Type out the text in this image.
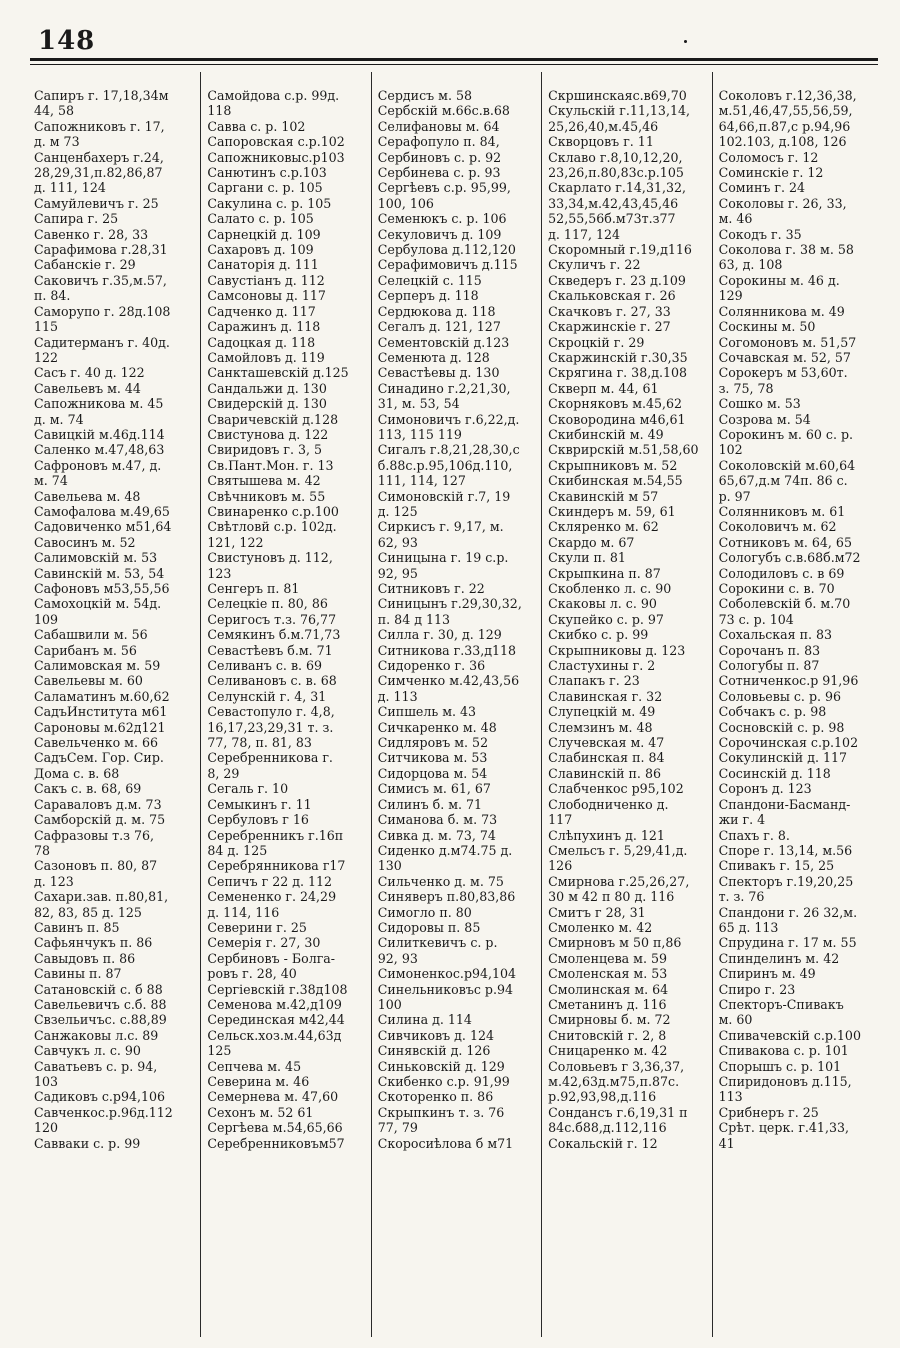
148
Сапиръ г. 17,18,34м
44, 58
Сапожниковъ г. 17,
д. м 73
Санценбахеръ г.24,
28,29,31,п.82,86,87
д. 111, 124
Самуйлевичъ г. 25
Сапира г. 25
Савенко г. 28, 33
Сарафимова г.28,31
Сабанскіе г. 29
Саковичъ г.35,м.57,
п. 84.
Саморупо г. 28д.108
115
Садитерманъ г. 40д.
122
Сасъ г. 40 д. 122
Савельевъ м. 44
Сапожникова м. 45
д. м. 74
Савицкій м.46д.114
Саленко м.47,48,63
Сафроновъ м.47, д.
м. 74
Савельева м. 48
Самофалова м.49,65
Садовиченко м51,64
Савосинъ м. 52
Салимовскій м. 53
Савинскій м. 53, 54
Сафоновъ м53,55,56
Самохоцкій м. 54д.
109
Сабашвили м. 56
Сарибанъ м. 56
Салимовская м. 59
Савельевы м. 60
Саламатинъ м.60,62
СадъИнститута м61
Сароновы м.62д121
Савельченко м. 66
СадъСем. Гор. Сир.
Дома с. в. 68
Сакъ с. в. 68, 69
Сараваловъ д.м. 73
Самборскій д. м. 75
Сафразовы т.з 76,
78
Сазоновъ п. 80, 87
д. 123
Сахари.зав. п.80,81,
82, 83, 85 д. 125
Савинъ п. 85
Сафьянчукъ п. 86
Савыдовъ п. 86
Савины п. 87
Сатановскій с. б 88
Савельевичъ с.б. 88
Свзельичъс. с.88,89
Санжаковы л.с. 89
Савчукъ л. с. 90
Саватьевъ с. р. 94,
103
Садиковъ с.р94,106
Савченкос.р.96д.112
120
Савваки с. р. 99
Самойдова с.р. 99д.
118
Савва с. р. 102
Сапоровская с.р.102
Сапожниковыс.р103
Санютинъ с.р.103
Саргани с. р. 105
Сакулина с. р. 105
Салато с. р. 105
Сарнецкій д. 109
Сахаровъ д. 109
Санаторія д. 111
Савустіанъ д. 112
Самсоновы д. 117
Садченко д. 117
Саражинъ д. 118
Садоцкая д. 118
Самойловъ д. 119
Санкташевскій д.125
Сандальжи д. 130
Свидерскій д. 130
Сваричевскій д.128
Свистунова д. 122
Свиридовъ г. 3, 5
Св.Пант.Мон. г. 13
Святышева м. 42
Свѣчниковъ м. 55
Свинаренко с.р.100
Свѣтловй с.р. 102д.
121, 122
Свистуновъ д. 112,
123
Сенгеръ п. 81
Селецкіе п. 80, 86
Серигосъ т.з. 76,77
Семякинъ б.м.71,73
Севастѣевъ б.м. 71
Селиванъ с. в. 69
Селивановъ с. в. 68
Селунскій г. 4, 31
Севастопуло г. 4,8,
16,17,23,29,31 т. з.
77, 78, п. 81, 83
Серебренникова г.
8, 29
Сегаль г. 10
Семыкинъ г. 11
Сербуловъ г 16
Серебренникъ г.16п
84 д. 125
Серебрянникова г17
Сепичъ г 22 д. 112
Семененко г. 24,29
д. 114, 116
Северини г. 25
Семерія г. 27, 30
Сербиновъ - Болга-
ровъ г. 28, 40
Сергіевскій г.38д108
Семенова м.42,д109
Серединская м42,44
Сельск.хоз.м.44,63д
125
Сепчева м. 45
Северина м. 46
Семернева м. 47,60
Сехонъ м. 52 61
Сергѣева м.54,65,66
Серебренниковъм57
Сердисъ м. 58
Сербскій м.66с.в.68
Селифановы м. 64
Серафопуло п. 84,
Сербиновъ с. р. 92
Сербинева с. р. 93
Сергѣевъ с.р. 95,99,
100, 106
Семенюкъ с. р. 106
Секуловичъ д. 109
Сербулова д.112,120
Серафимовичъ д.115
Селецкій с. 115
Серперъ д. 118
Сердюкова д. 118
Сегалъ д. 121, 127
Сементовскій д.123
Семенюта д. 128
Севастѣевы д. 130
Синадино г.2,21,30,
31, м. 53, 54
Симоновичъ г.6,22,д.
113, 115 119
Сигалъ г.8,21,28,30,с
б.88с.р.95,106д.110,
111, 114, 127
Симоновскій г.7, 19
д. 125
Сиркисъ г. 9,17, м.
62, 93
Синицына г. 19 с.р.
92, 95
Ситниковъ г. 22
Синицынъ г.29,30,32,
п. 84 д 113
Силла г. 30, д. 129
Ситникова г.33,д118
Сидоренко г. 36
Симченко м.42,43,56
д. 113
Сипшель м. 43
Сичкаренко м. 48
Сидляровъ м. 52
Ситчикова м. 53
Сидорцова м. 54
Симисъ м. 61, 67
Силинъ б. м. 71
Симанова б. м. 73
Сивка д. м. 73, 74
Сиденко д.м74.75 д.
130
Сильченко д. м. 75
Синяверъ п.80,83,86
Симогло п. 80
Сидоровы п. 85
Силиткевичъ с. р.
92, 93
Симоненкос.р94,104
Синельниковъс р.94
100
Силина д. 114
Сивчиковъ д. 124
Синявскій д. 126
Синьковскій д. 129
Скибенко с.р. 91,99
Скоторенко п. 86
Скрыпкинъ т. з. 76
77, 79
Скоросиѣлова б м71
Скршинскаяс.в69,70
Скульскій г.11,13,14,
25,26,40,м.45,46
Скворцовъ г. 11
Склаво г.8,10,12,20,
23,26,п.80,83с.р.105
Скарлато г.14,31,32,
33,34,м.42,43,45,46
52,55,56б.м73т.з77
д. 117, 124
Скоромный г.19,д116
Скуличъ г. 22
Скведеръ г. 23 д.109
Скальковская г. 26
Скачковъ г. 27, 33
Скаржинскіе г. 27
Скроцкій г. 29
Скаржинскій г.30,35
Скрягина г. 38,д.108
Скверп м. 44, 61
Скорняковъ м.45,62
Сковородина м46,61
Скибинскій м. 49
Скврирскій м.51,58,60
Скрыпниковъ м. 52
Скибинская м.54,55
Скавинскій м 57
Скиндеръ м. 59, 61
Скляренко м. 62
Скардо м. 67
Скули п. 81
Скрыпкина п. 87
Скобленко л. с. 90
Скаковы л. с. 90
Скупейко с. р. 97
Скибко с. р. 99
Скрыпниковы д. 123
Сластухины г. 2
Слапакъ г. 23
Славинская г. 32
Слупецкій м. 49
Слемзинъ м. 48
Случевская м. 47
Слабинская п. 84
Славинскій п. 86
Слабченкос р95,102
Слободниченко д.
117
Слѣпухинъ д. 121
Смельсъ г. 5,29,41,д.
126
Смирнова г.25,26,27,
30 м 42 п 80 д. 116
Смитъ г 28, 31
Смоленко м. 42
Смирновъ м 50 п,86
Смоленцева м. 59
Смоленская м. 53
Смолинская м. 64
Сметанинъ д. 116
Смирновы б. м. 72
Снитовскій г. 2, 8
Сницаренко м. 42
Соловьевъ г 3,36,37,
м.42,63д.м75,п.87с.
р.92,93,98,д.116
Сондансъ г.6,19,31 п
84с.б88,д.112,116
Сокальскій г. 12
Соколовъ г.12,36,38,
м.51,46,47,55,56,59,
64,66,п.87,с р.94,96
102.103, д.108, 126
Соломосъ г. 12
Соминскіе г. 12
Соминъ г. 24
Соколовы г. 26, 33,
м. 46
Сокодъ г. 35
Соколова г. 38 м. 58
63, д. 108
Сорокины м. 46 д.
129
Солянникова м. 49
Соскины м. 50
Согомоновъ м. 51,57
Сочавская м. 52, 57
Сорокеръ м 53,60т.
з. 75, 78
Сошко м. 53
Созрова м. 54
Сорокинъ м. 60 с. р.
102
Соколовскій м.60,64
65,67,д.м 74п. 86 с.
р. 97
Солянниковъ м. 61
Соколовичъ м. 62
Сотниковъ м. 64, 65
Сологубъ с.в.68б.м72
Солодиловъ с. в 69
Сорокини с. в. 70
Соболевскій б. м.70
73 с. р. 104
Сохальская п. 83
Сорочанъ п. 83
Сологубы п. 87
Сотниченкос.р 91,96
Соловьевы с. р. 96
Собчакъ с. р. 98
Сосновскій с. р. 98
Сорочинская с.р.102
Сокулинскій д. 117
Сосинскій д. 118
Соронъ д. 123
Спандони-Басманд-
жи г. 4
Спахъ г. 8.
Споре г. 13,14, м.56
Спивакъ г. 15, 25
Спекторъ г.19,20,25
т. з. 76
Спандони г. 26 32,м.
65 д. 113
Спрудина г. 17 м. 55
Спинделинъ м. 42
Спиринъ м. 49
Спиро г. 23
Спекторъ-Спивакъ
м. 60
Спивачевскій с.р.100
Спивакова с. р. 101
Спорышъ с. р. 101
Спиридоновъ д.115,
113
Срибнеръ г. 25
Срѣт. церк. г.41,33,
41
